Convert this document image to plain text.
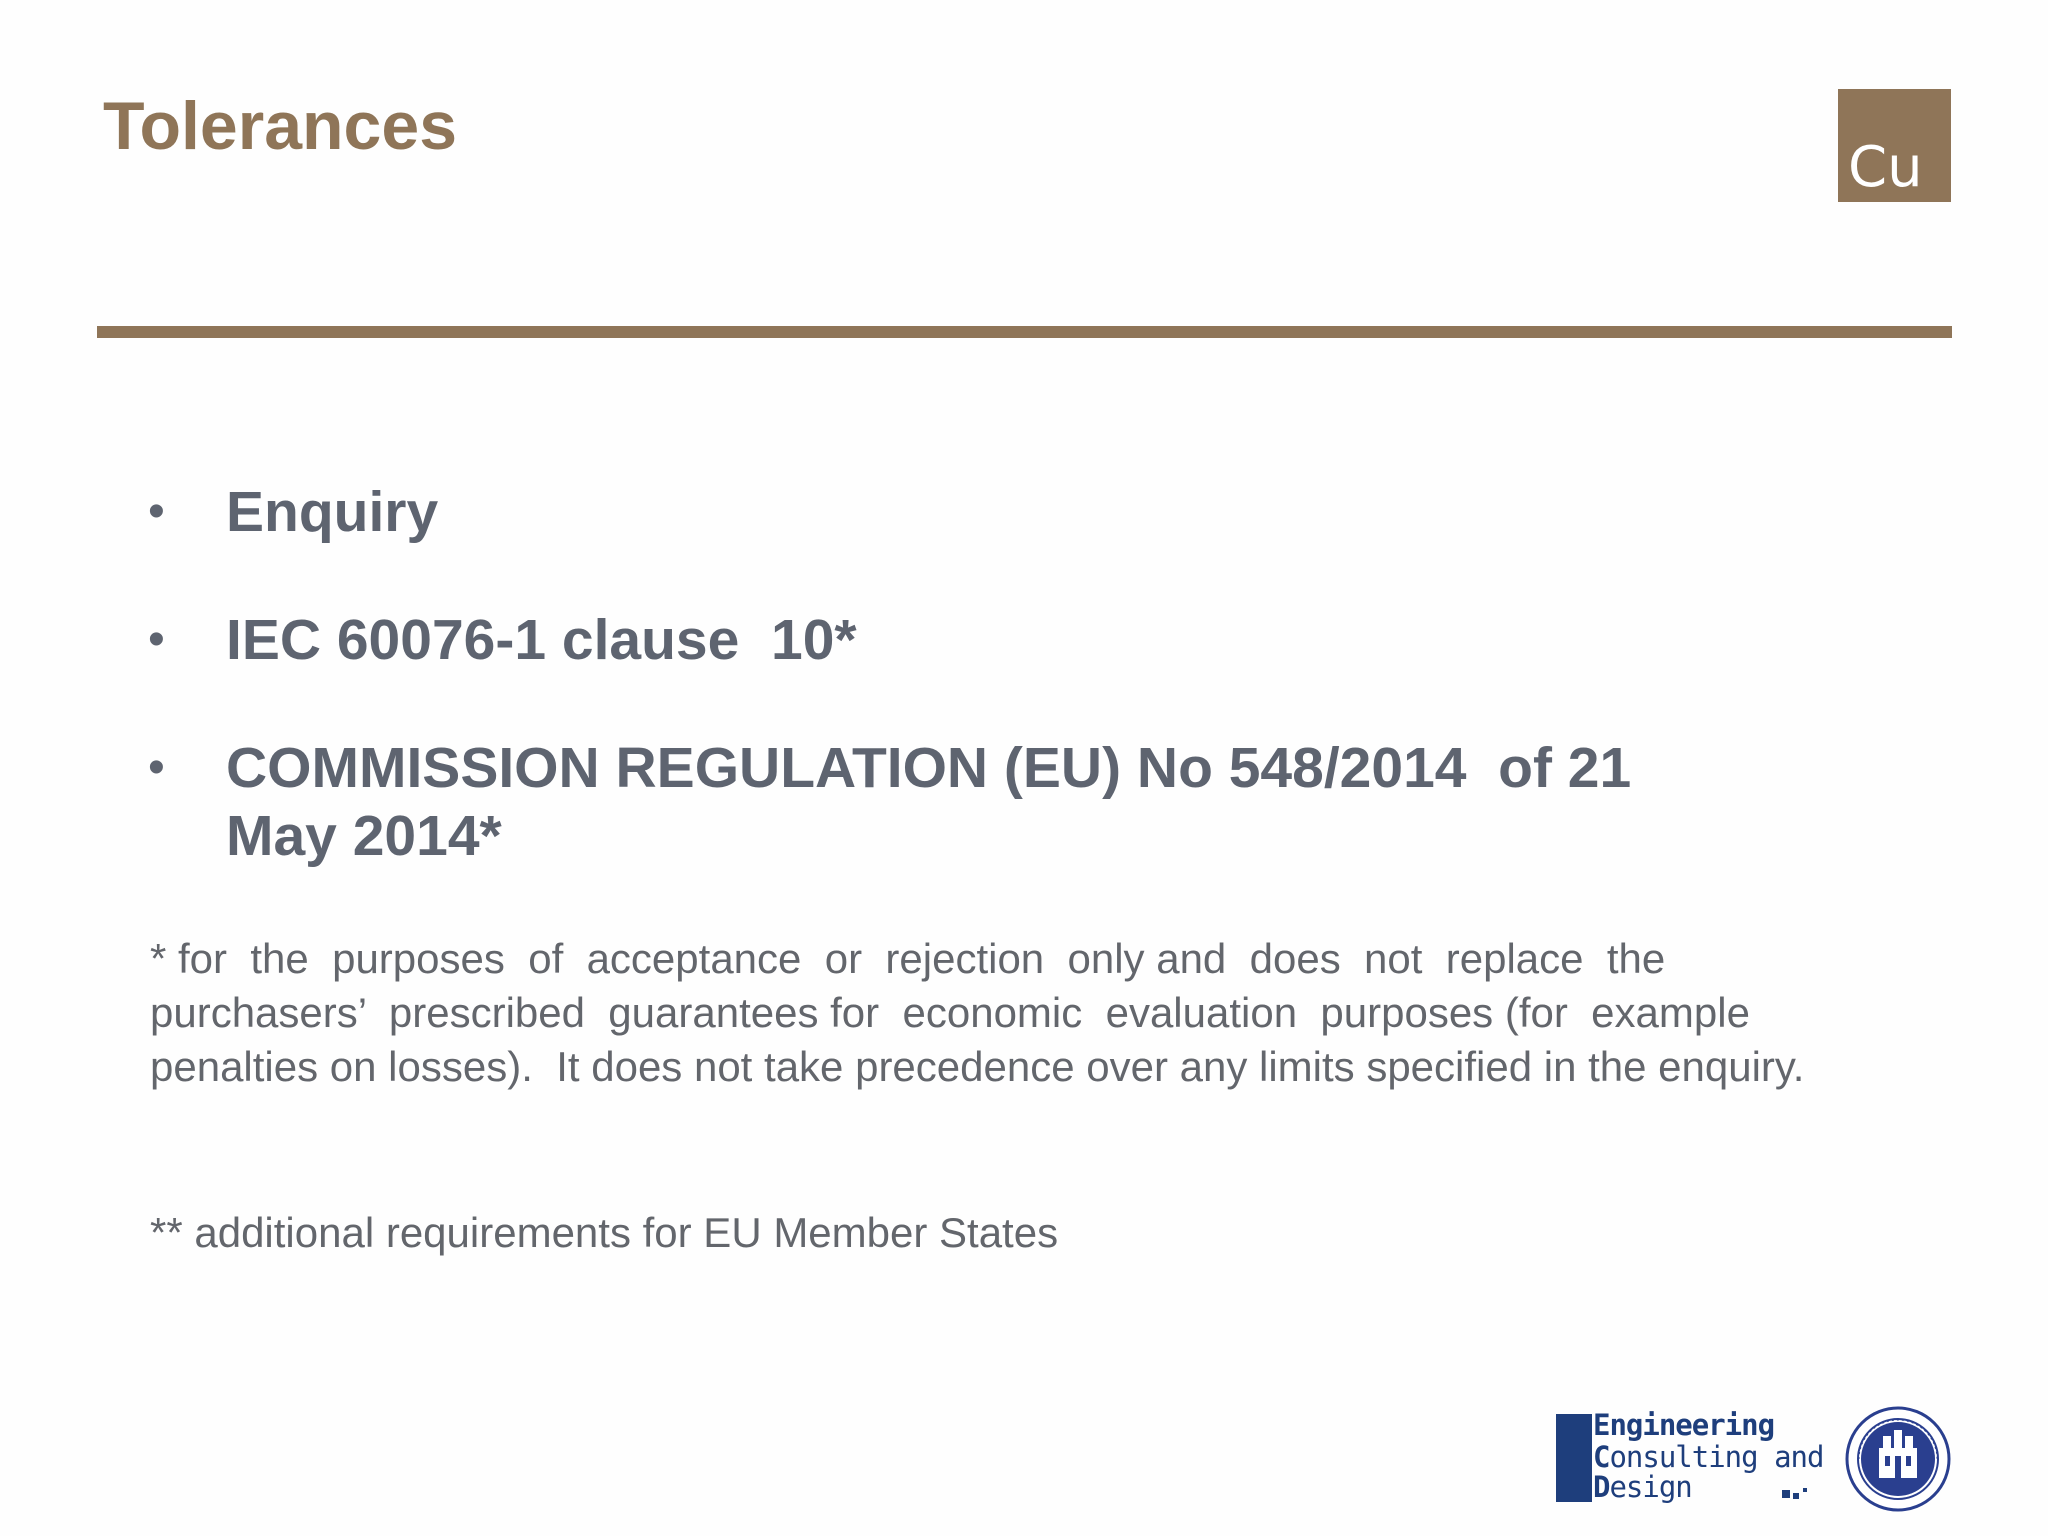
Tolerances
Cu
• Enquiry
• IEC 60076-1 clause  10*
• COMMISSION REGULATION (EU) No 548/2014  of 21 May 2014*

* for  the  purposes  of  acceptance  or  rejection  only and  does  not  replace  the purchasers’  prescribed  guarantees for  economic  evaluation  purposes (for  example penalties on losses).  It does not take precedence over any limits specified in the enquiry.

** additional requirements for EU Member States

Engineering
Consulting and
Design
